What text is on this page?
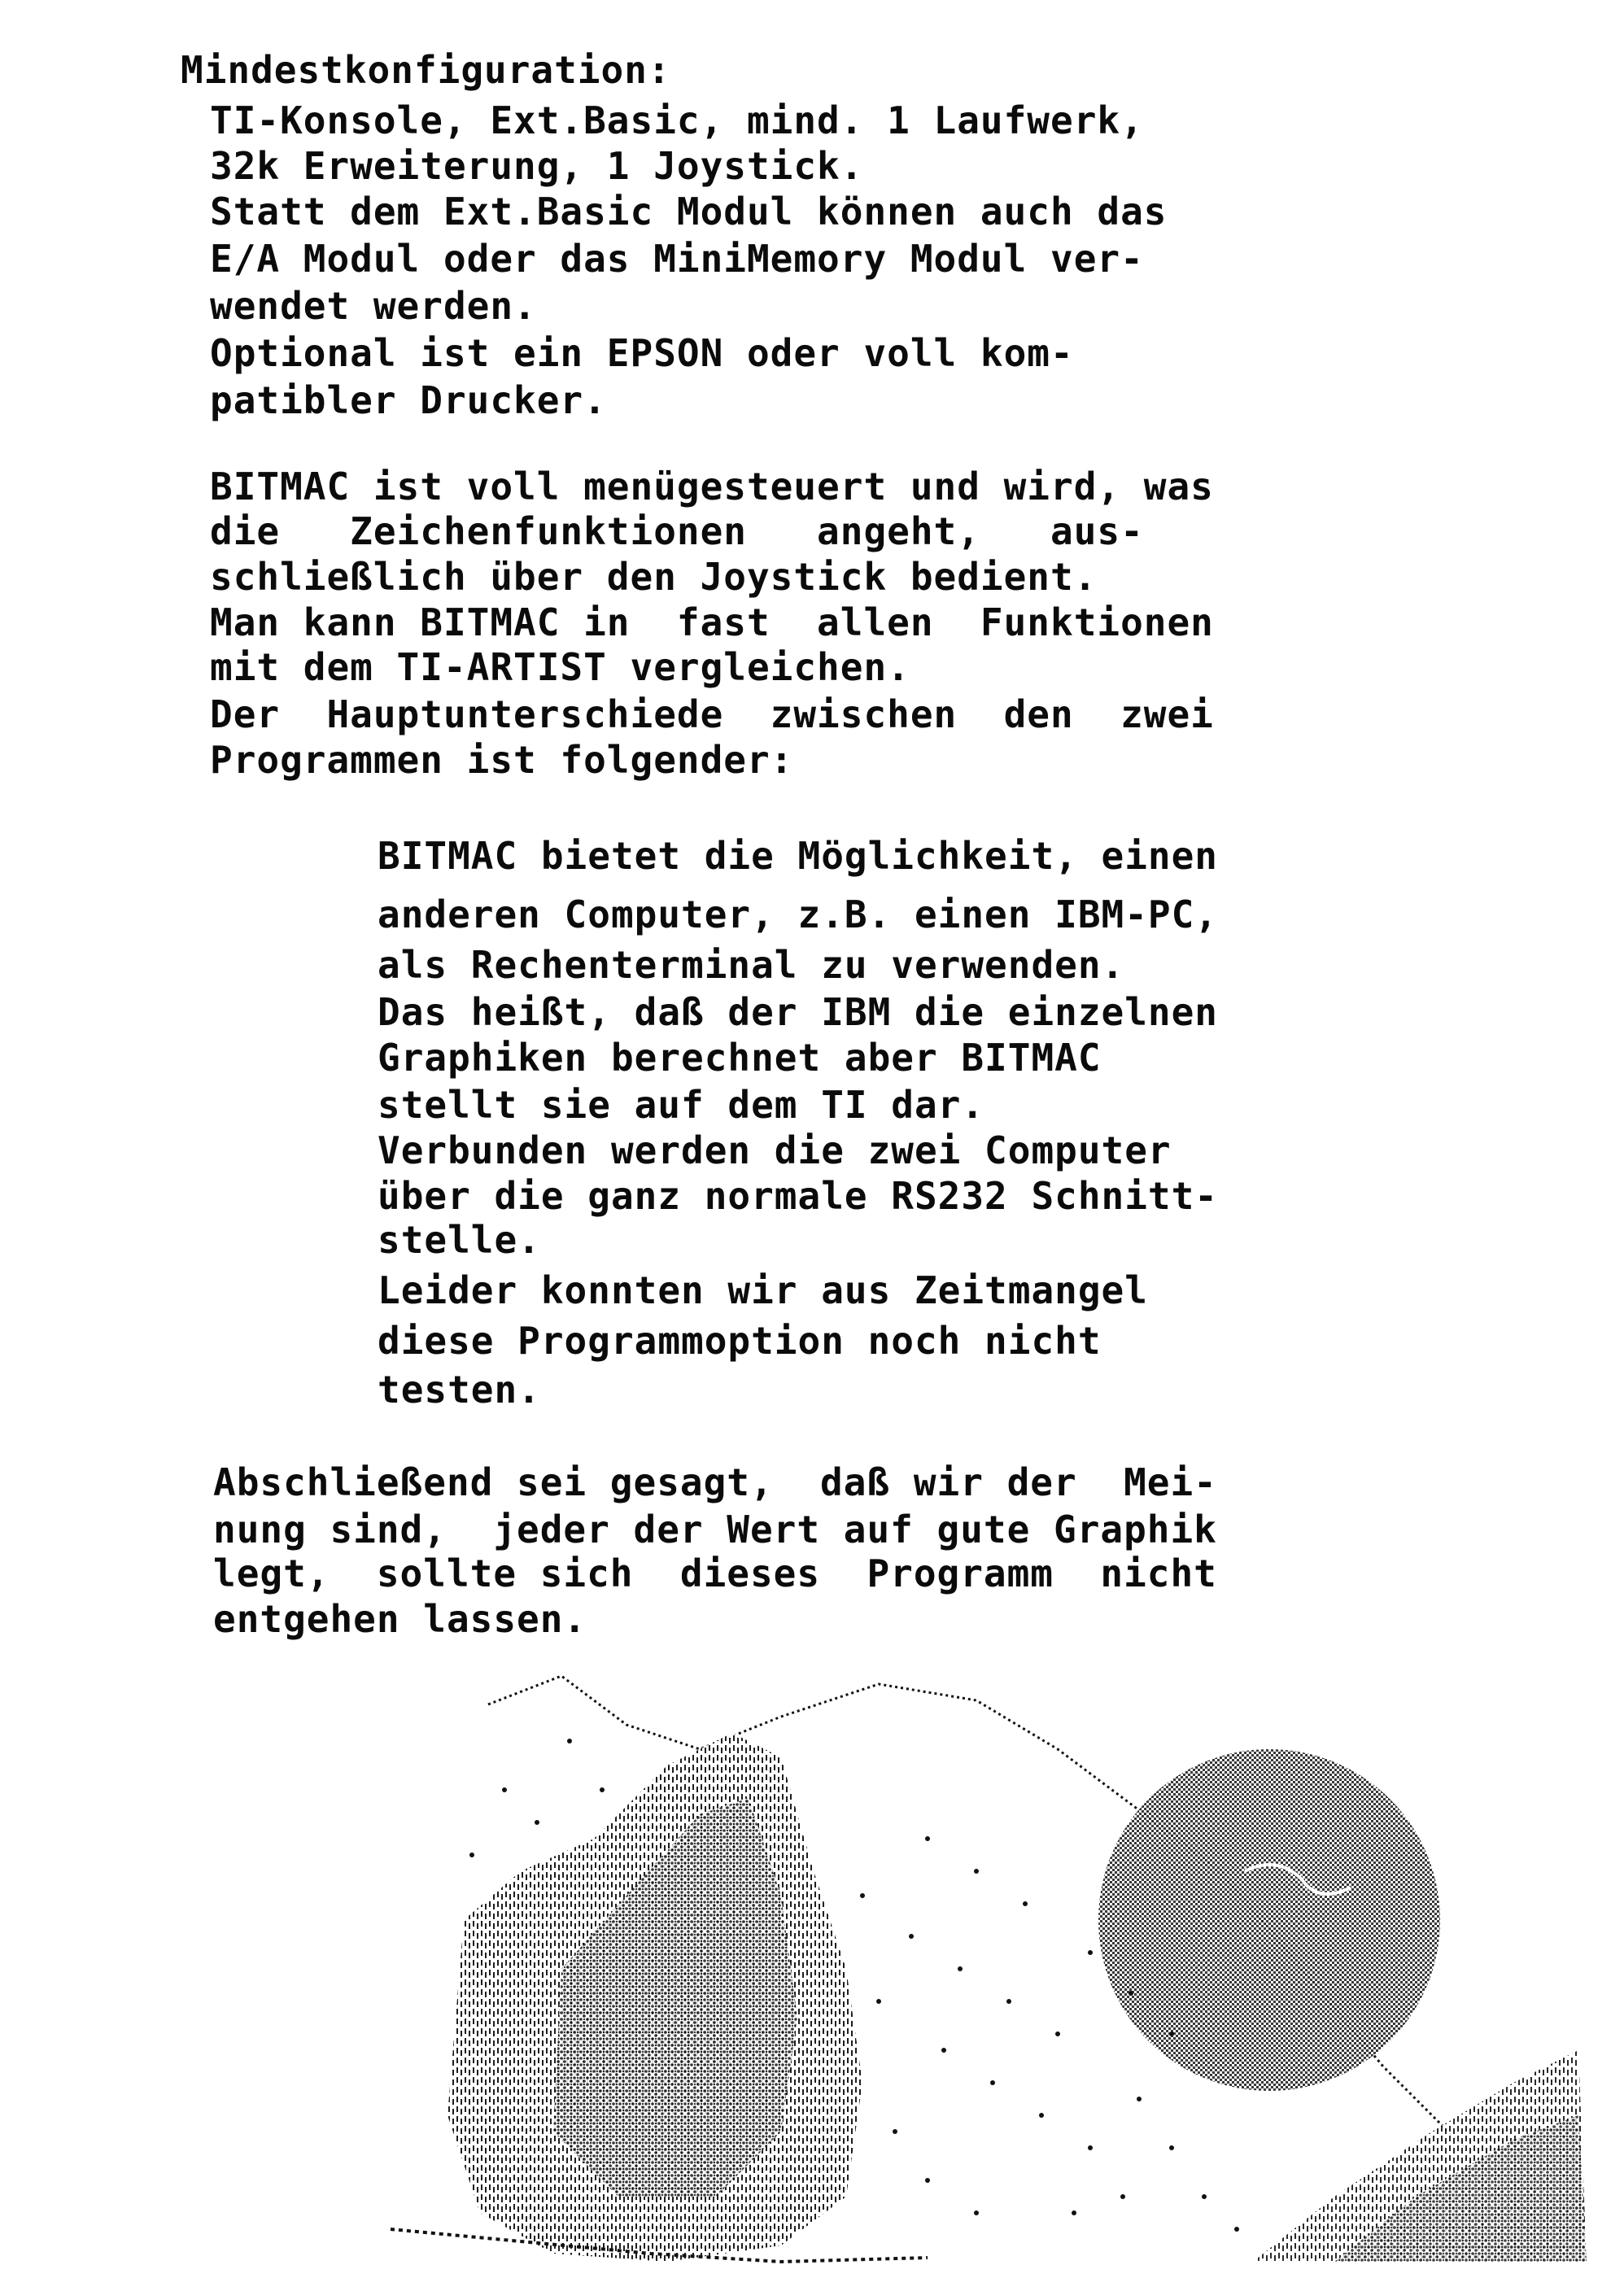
Mindestkonfiguration:
TI-Konsole, Ext.Basic, mind. 1 Laufwerk,
32k Erweiterung, 1 Joystick.
Statt dem Ext.Basic Modul können auch das
E/A Modul oder das MiniMemory Modul ver-
wendet werden.
Optional ist ein EPSON oder voll kom-
patibler Drucker.
BITMAC ist voll menügesteuert und wird, was
die   Zeichenfunktionen   angeht,   aus-
schließlich über den Joystick bedient.
Man kann BITMAC in  fast  allen  Funktionen
mit dem TI-ARTIST vergleichen.
Der  Hauptunterschiede  zwischen  den  zwei
Programmen ist folgender:
BITMAC bietet die Möglichkeit, einen
anderen Computer, z.B. einen IBM-PC,
als Rechenterminal zu verwenden.
Das heißt, daß der IBM die einzelnen
Graphiken berechnet aber BITMAC
stellt sie auf dem TI dar.
Verbunden werden die zwei Computer
über die ganz normale RS232 Schnitt-
stelle.
Leider konnten wir aus Zeitmangel
diese Programmoption noch nicht
testen.
Abschließend sei gesagt,  daß wir der  Mei-
nung sind,  jeder der Wert auf gute Graphik
legt,  sollte sich  dieses  Programm  nicht
entgehen lassen.
